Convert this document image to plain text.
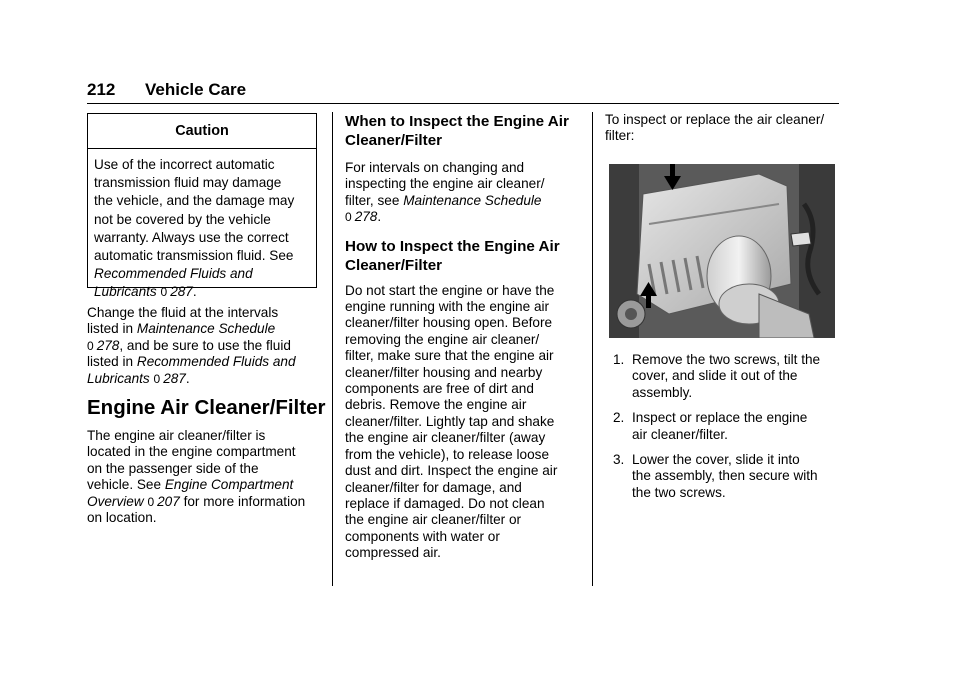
212 Vehicle Care
Caution
Use of the incorrect automatic
transmission fluid may damage
the vehicle, and the damage may
not be covered by the vehicle
warranty. Always use the correct
automatic transmission fluid. See
Recommended Fluids and
Lubricants 0 287.
Change the fluid at the intervals
listed in Maintenance Schedule
0 278, and be sure to use the fluid
listed in Recommended Fluids and
Lubricants 0 287.
Engine Air Cleaner/Filter
The engine air cleaner/filter is
located in the engine compartment
on the passenger side of the
vehicle. See Engine Compartment
Overview 0 207 for more information
on location.
When to Inspect the Engine Air
Cleaner/Filter
For intervals on changing and
inspecting the engine air cleaner/
filter, see Maintenance Schedule
0 278.
How to Inspect the Engine Air
Cleaner/Filter
Do not start the engine or have the
engine running with the engine air
cleaner/filter housing open. Before
removing the engine air cleaner/
filter, make sure that the engine air
cleaner/filter housing and nearby
components are free of dirt and
debris. Remove the engine air
cleaner/filter. Lightly tap and shake
the engine air cleaner/filter (away
from the vehicle), to release loose
dust and dirt. Inspect the engine air
cleaner/filter for damage, and
replace if damaged. Do not clean
the engine air cleaner/filter or
components with water or
compressed air.
To inspect or replace the air cleaner/
filter:
1. Remove the two screws, tilt the
cover, and slide it out of the
assembly.
2. Inspect or replace the engine
air cleaner/filter.
3. Lower the cover, slide it into
the assembly, then secure with
the two screws.
